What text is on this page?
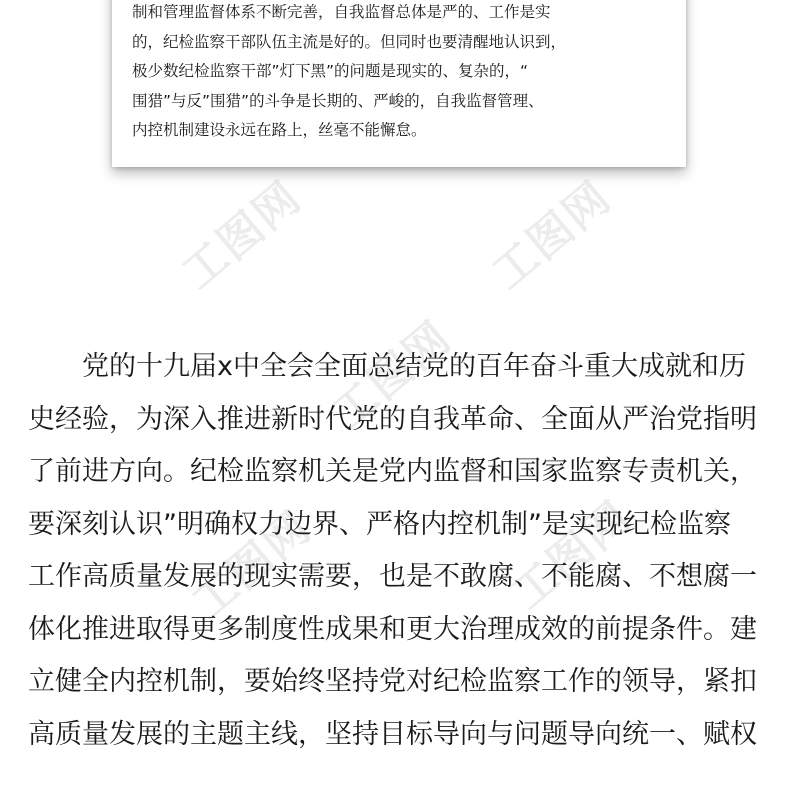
制和管理监督体系不断完善，自我监督总体是严的、工作是实
的，纪检监察干部队伍主流是好的。但同时也要清醒地认识到，
极少数纪检监察干部”灯下黑”的问题是现实的、复杂的，“
围猎”与反”围猎”的斗争是长期的、严峻的，自我监督管理、
内控机制建设永远在路上，丝毫不能懈怠。
工图网	工图网
工图网
工图网	工图网
党的十九届x中全会全面总结党的百年奋斗重大成就和历
史经验，为深入推进新时代党的自我革命、全面从严治党指明
了前进方向。纪检监察机关是党内监督和国家监察专责机关，
要深刻认识”明确权力边界、严格内控机制”是实现纪检监察
工作高质量发展的现实需要，也是不敢腐、不能腐、不想腐一
体化推进取得更多制度性成果和更大治理成效的前提条件。建
立健全内控机制，要始终坚持党对纪检监察工作的领导，紧扣
高质量发展的主题主线，坚持目标导向与问题导向统一、赋权
